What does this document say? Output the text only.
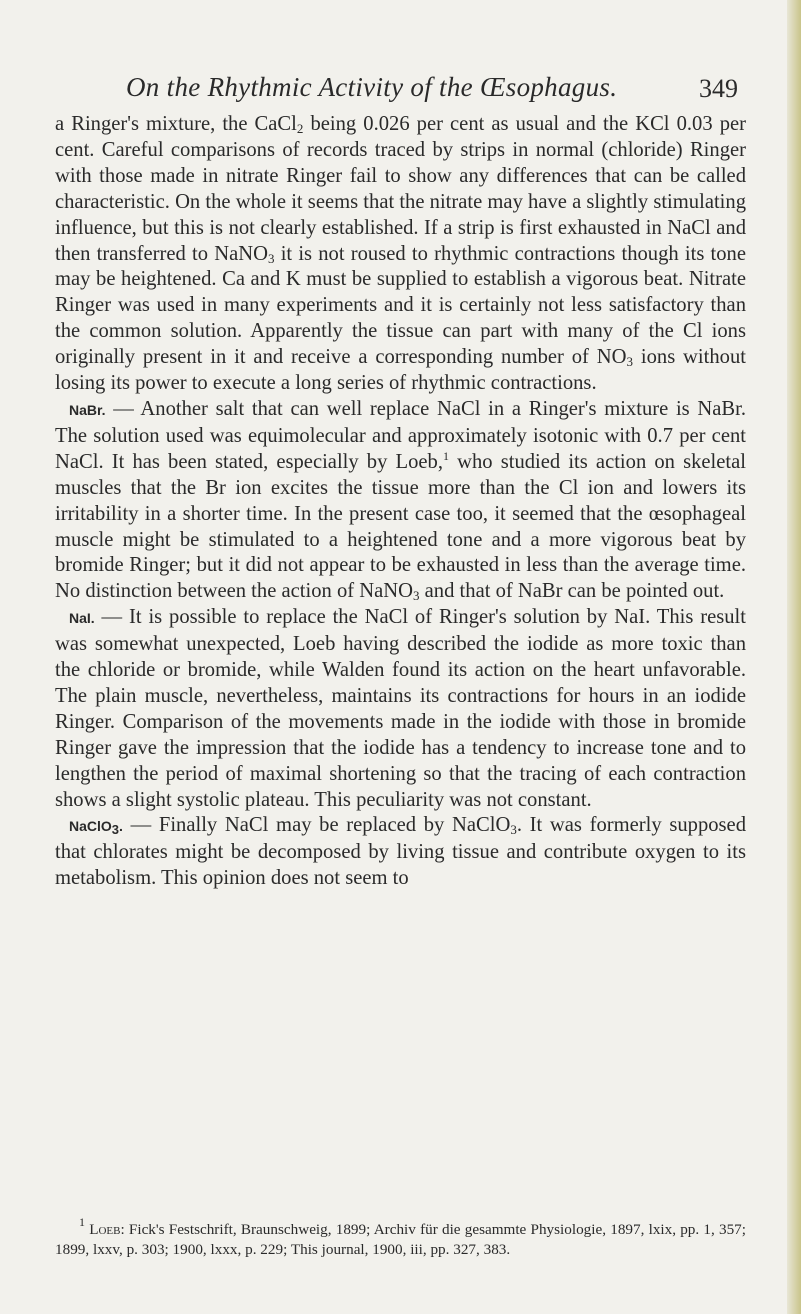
On the Rhythmic Activity of the Œsophagus.	349

a Ringer's mixture, the CaCl$_2$ being 0.026 per cent as usual and the KCl 0.03 per cent. Careful comparisons of records traced by strips in normal (chloride) Ringer with those made in nitrate Ringer fail to show any differences that can be called characteristic. On the whole it seems that the nitrate may have a slightly stimulating influence, but this is not clearly established. If a strip is first exhausted in NaCl and then transferred to NaNO$_3$ it is not roused to rhythmic contractions though its tone may be heightened. Ca and K must be supplied to establish a vigorous beat. Nitrate Ringer was used in many experiments and it is certainly not less satisfactory than the common solution. Apparently the tissue can part with many of the Cl ions originally present in it and receive a corresponding number of $NO_3$ ions without losing its power to execute a long series of rhythmic contractions.

NaBr. — Another salt that can well replace NaCl in a Ringer's mixture is NaBr. The solution used was equimolecular and approximately isotonic with 0.7 per cent NaCl. It has been stated, especially by Loeb,$^1$ who studied its action on skeletal muscles that the Br ion excites the tissue more than the Cl ion and lowers its irritability in a shorter time. In the present case too, it seemed that the œsophageal muscle might be stimulated to a heightened tone and a more vigorous beat by bromide Ringer; but it did not appear to be exhausted in less than the average time. No distinction between the action of NaNO$_3$ and that of NaBr can be pointed out.

NaI. — It is possible to replace the NaCl of Ringer's solution by NaI. This result was somewhat unexpected, Loeb having described the iodide as more toxic than the chloride or bromide, while Walden found its action on the heart unfavorable. The plain muscle, nevertheless, maintains its contractions for hours in an iodide Ringer. Comparison of the movements made in the iodide with those in bromide Ringer gave the impression that the iodide has a tendency to increase tone and to lengthen the period of maximal shortening so that the tracing of each contraction shows a slight systolic plateau. This peculiarity was not constant.

NaClO$_3$. — Finally NaCl may be replaced by NaClO$_3$. It was formerly supposed that chlorates might be decomposed by living tissue and contribute oxygen to its metabolism. This opinion does not seem to

$^1$ Loeb: Fick's Festschrift, Braunschweig, 1899; Archiv für die gesammte Physiologie, 1897, lxix, pp. 1, 357; 1899, lxxv, p. 303; 1900, lxxx, p. 229; This journal, 1900, iii, pp. 327, 383.
